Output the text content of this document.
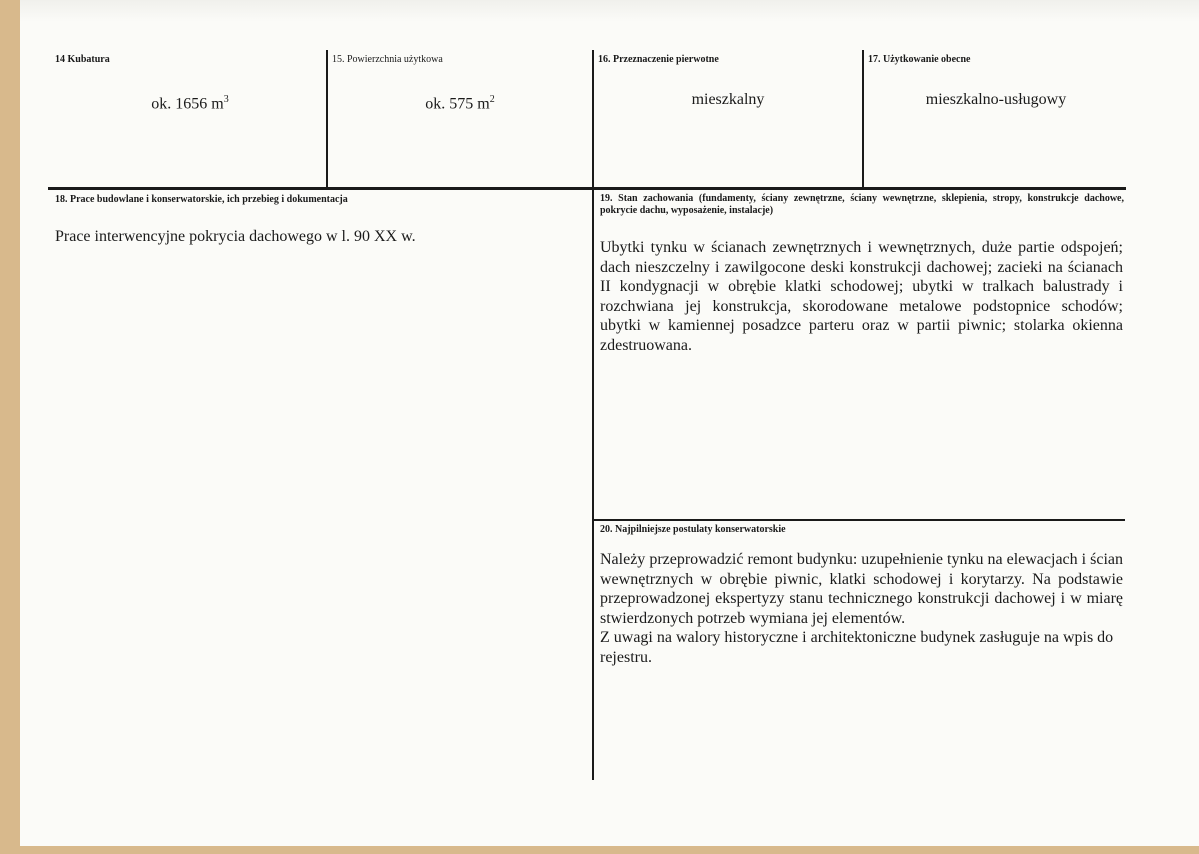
14 Kubatura
ok. 1656 $m^3$
15. Powierzchnia użytkowa
ok. 575 $m^2$
16. Przeznaczenie pierwotne
mieszkalny
17. Użytkowanie obecne
mieszkalno-usługowy
18. Prace budowlane i konserwatorskie, ich przebieg i dokumentacja
Prace interwencyjne pokrycia dachowego w l. 90 XX w.
19. Stan zachowania (fundamenty, ściany zewnętrzne, ściany wewnętrzne, sklepienia, stropy, konstrukcje dachowe, pokrycie dachu, wyposażenie, instalacje)
Ubytki tynku w ścianach zewnętrznych i wewnętrznych, duże partie odspojeń; dach nieszczelny i zawilgocone deski konstrukcji dachowej; zacieki na ścianach II kondygnacji w obrębie klatki schodowej; ubytki w tralkach balustrady i rozchwiana jej konstrukcja, skorodowane metalowe podstopnice schodów; ubytki w kamiennej posadzce parteru oraz w partii piwnic; stolarka okienna zdestruowana.
20. Najpilniejsze postulaty konserwatorskie
Należy przeprowadzić remont budynku: uzupełnienie tynku na elewacjach i ścian wewnętrznych w obrębie piwnic, klatki schodowej i korytarzy. Na podstawie przeprowadzonej ekspertyzy stanu technicznego konstrukcji dachowej i w miarę stwierdzonych potrzeb wymiana jej elementów.
Z uwagi na walory historyczne i architektoniczne budynek zasługuje na wpis do rejestru.
